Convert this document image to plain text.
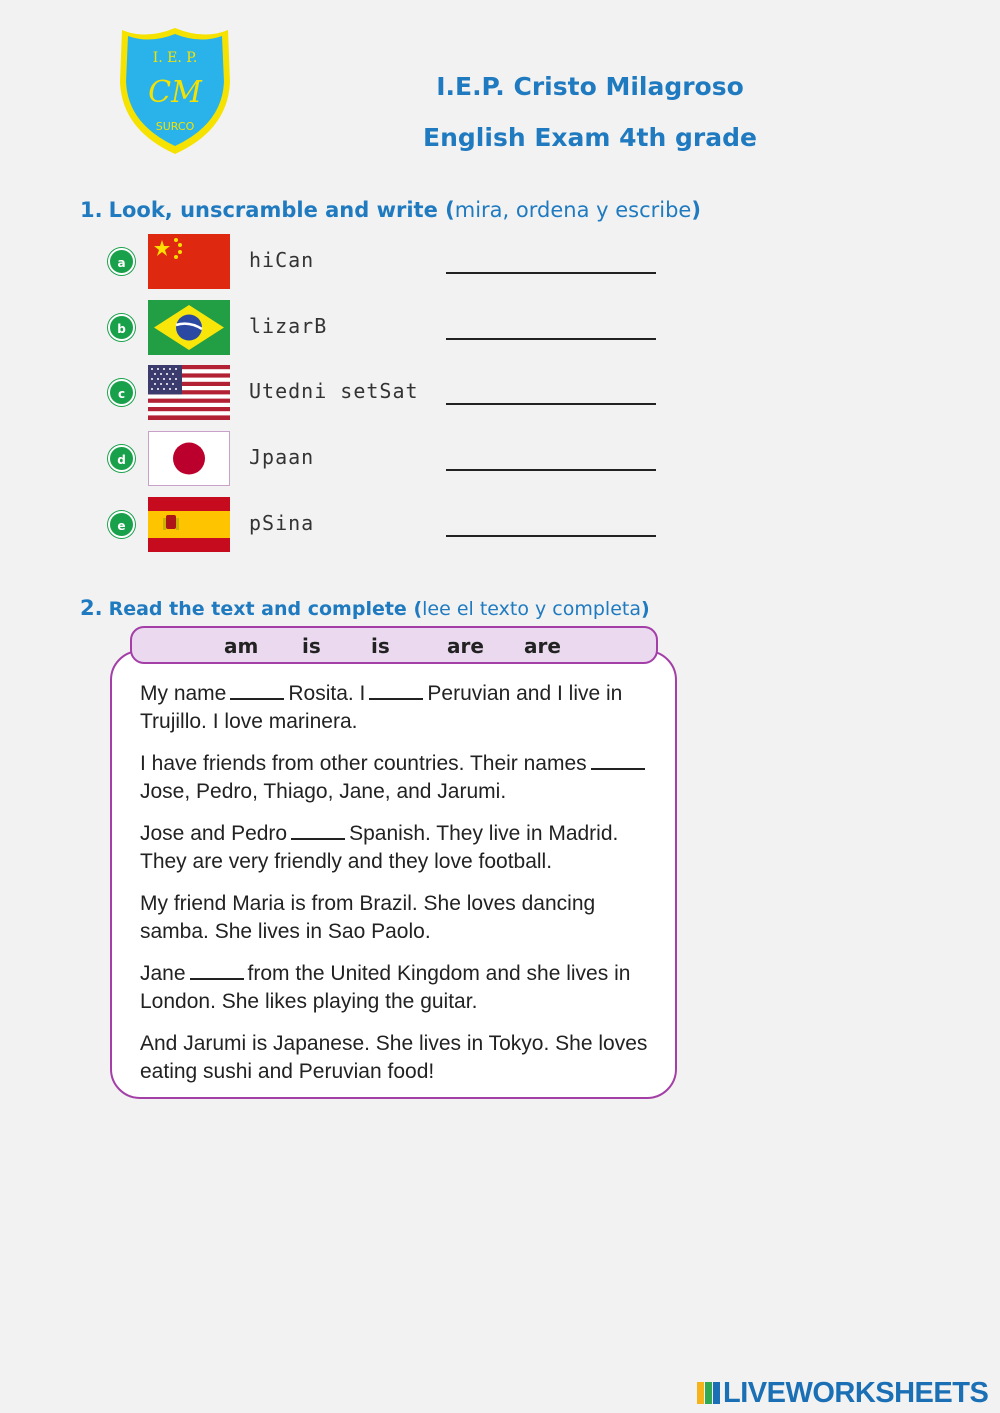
I. E. P.
CM
SURCO
I.E.P. Cristo Milagroso
English Exam 4th grade
1. Look, unscramble and write (mira, ordena y escribe)
a	hiCan
b	lizarB
c	Utedni setSat
d	Jpaan
e	pSina
2. Read the text and complete (lee el texto y completa)
am is	is	are are
My name	Rosita. I	Peruvian and I live in Trujillo. I love marinera.
I have friends from other countries. Their namesJose, Pedro, Thiago, Jane, and Jarumi.
Jose and Pedro	Spanish. They live in Madrid. They are very friendly and they love football.
My friend Maria is from Brazil. She loves dancing samba. She lives in Sao Paolo.
Jane	from the United Kingdom and she lives in London. She likes playing the guitar.
And Jarumi is Japanese. She lives in Tokyo. She loves eating sushi and Peruvian food!
LIVEWORKSHEETS
